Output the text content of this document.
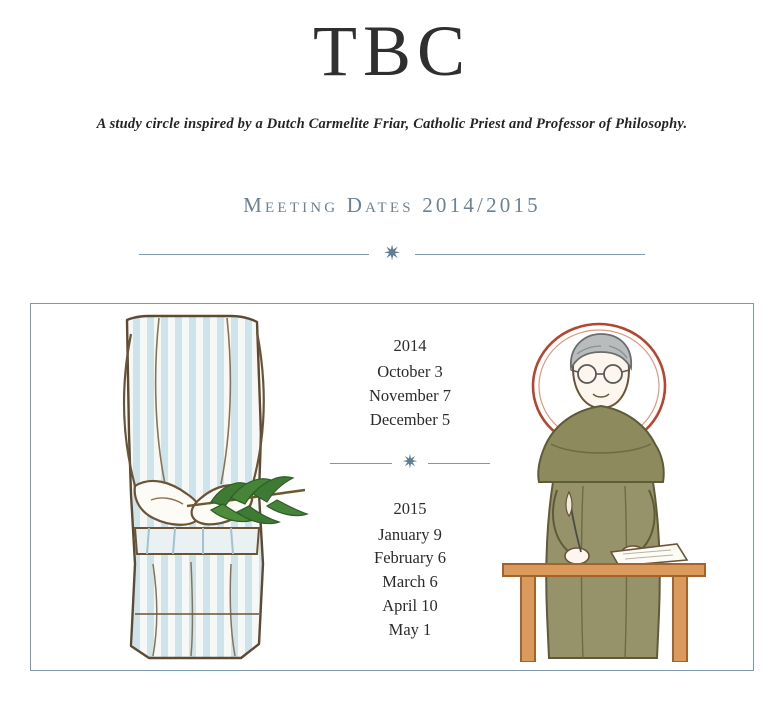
TBC
A study circle inspired by a Dutch Carmelite Friar, Catholic Priest and Professor of Philosophy.
Meeting Dates 2014/2015
✷
2014
October 3
November 7
December 5
✷
2015
January 9
February 6
March 6
April 10
May 1
